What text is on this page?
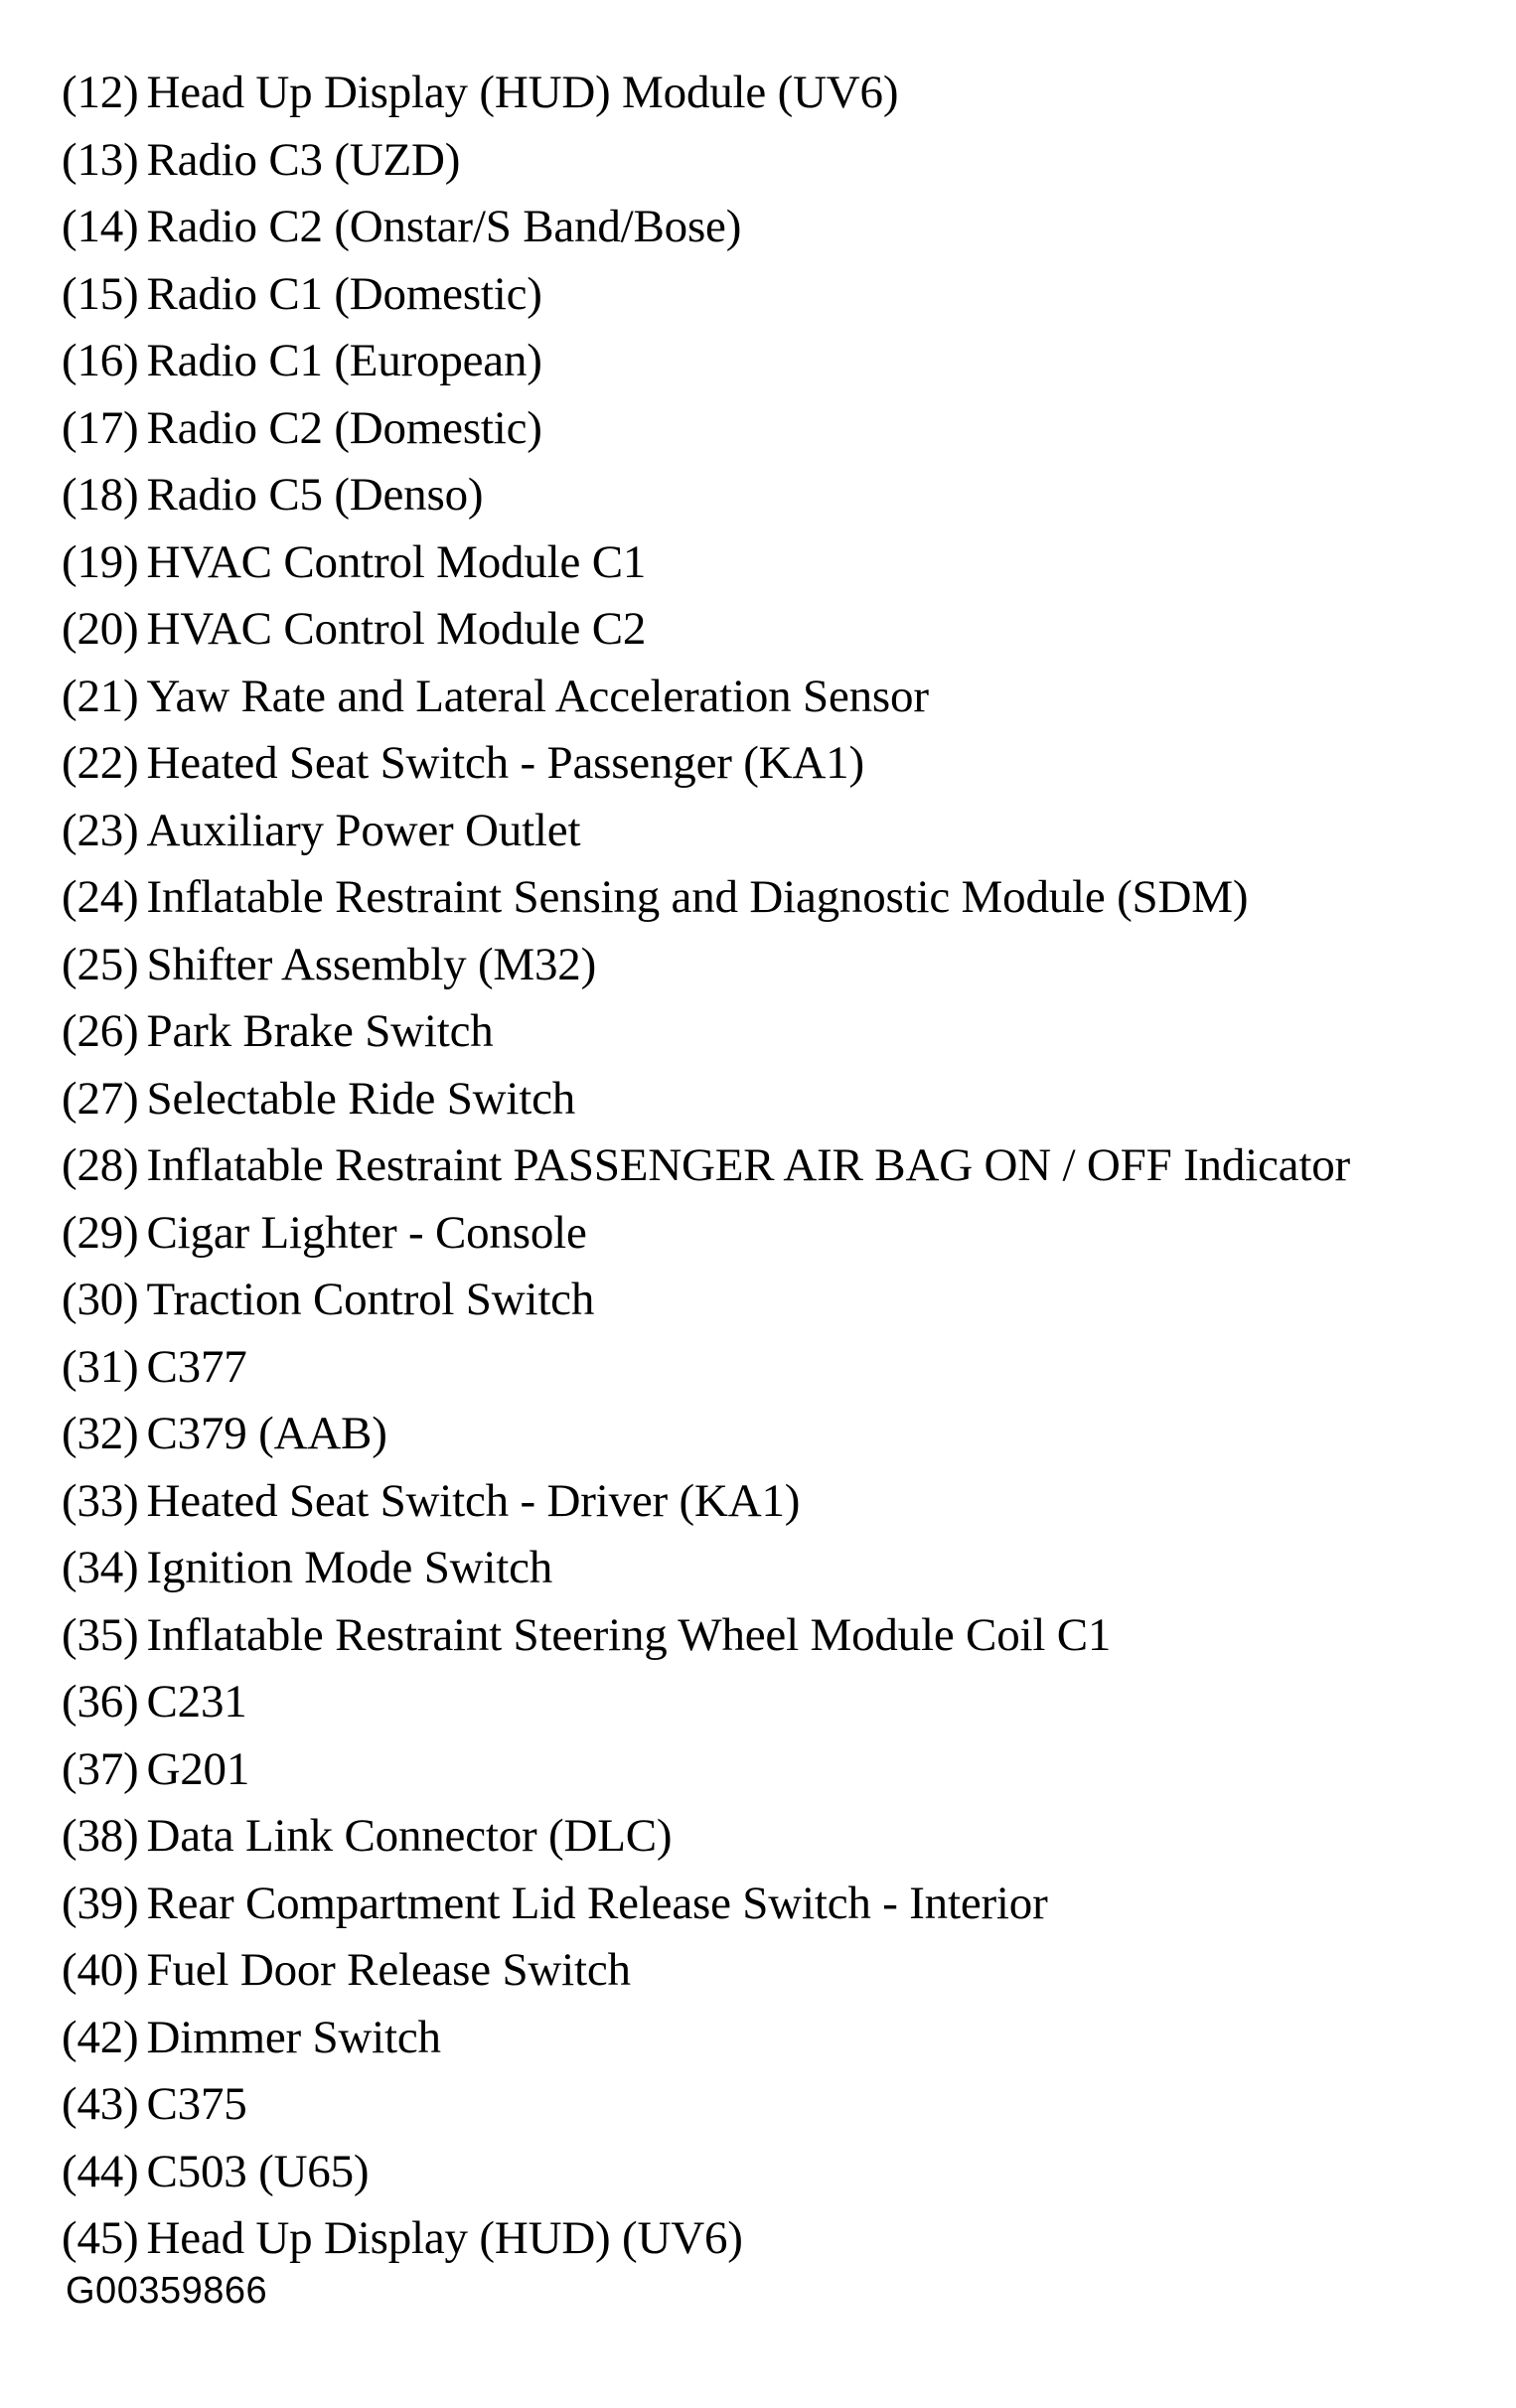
(12) Head Up Display (HUD) Module (UV6)
(13) Radio C3 (UZD)
(14) Radio C2 (Onstar/S Band/Bose)
(15) Radio C1 (Domestic)
(16) Radio C1 (European)
(17) Radio C2 (Domestic)
(18) Radio C5 (Denso)
(19) HVAC Control Module C1
(20) HVAC Control Module C2
(21) Yaw Rate and Lateral Acceleration Sensor
(22) Heated Seat Switch - Passenger (KA1)
(23) Auxiliary Power Outlet
(24) Inflatable Restraint Sensing and Diagnostic Module (SDM)
(25) Shifter Assembly (M32)
(26) Park Brake Switch
(27) Selectable Ride Switch
(28) Inflatable Restraint PASSENGER AIR BAG ON / OFF Indicator
(29) Cigar Lighter - Console
(30) Traction Control Switch
(31) C377
(32) C379 (AAB)
(33) Heated Seat Switch - Driver (KA1)
(34) Ignition Mode Switch
(35) Inflatable Restraint Steering Wheel Module Coil C1
(36) C231
(37) G201
(38) Data Link Connector (DLC)
(39) Rear Compartment Lid Release Switch - Interior
(40) Fuel Door Release Switch
(42) Dimmer Switch
(43) C375
(44) C503 (U65)
(45) Head Up Display (HUD) (UV6)
G00359866
